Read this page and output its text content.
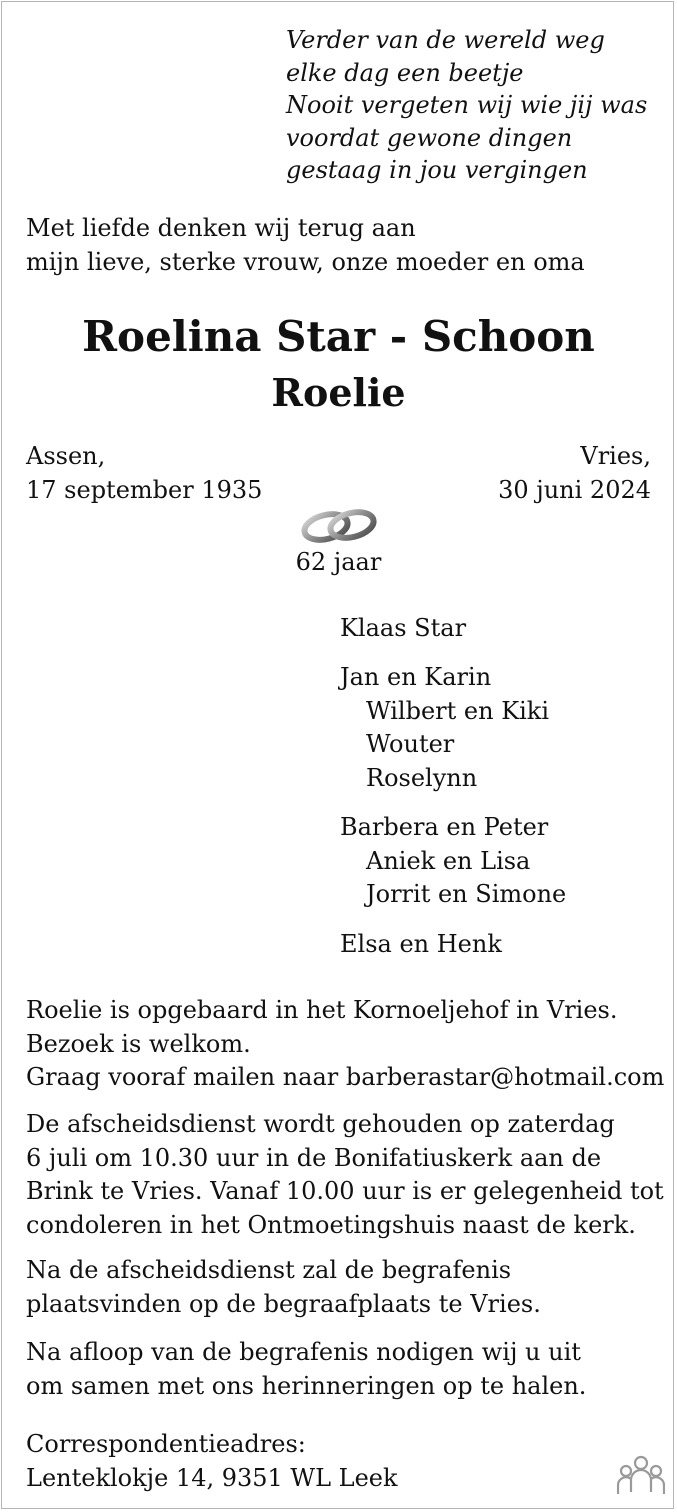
Verder van de wereld weg
elke dag een beetje
Nooit vergeten wij wie jij was
voordat gewone dingen
gestaag in jou vergingen
Met liefde denken wij terug aan
mijn lieve, sterke vrouw, onze moeder en oma
Roelina Star - Schoon
Roelie
Assen,
17 september 1935
Vries,
30 juni 2024
62 jaar
Klaas Star
Jan en Karin
Wilbert en Kiki
Wouter
Roselynn
Barbera en Peter
Aniek en Lisa
Jorrit en Simone
Elsa en Henk
Roelie is opgebaard in het Kornoeljehof in Vries.
Bezoek is welkom.
Graag vooraf mailen naar barberastar@hotmail.com
De afscheidsdienst wordt gehouden op zaterdag
6 juli om 10.30 uur in de Bonifatiuskerk aan de
Brink te Vries. Vanaf 10.00 uur is er gelegenheid tot
condoleren in het Ontmoetingshuis naast de kerk.
Na de afscheidsdienst zal de begrafenis
plaatsvinden op de begraafplaats te Vries.
Na afloop van de begrafenis nodigen wij u uit
om samen met ons herinneringen op te halen.
Correspondentieadres:
Lenteklokje 14, 9351 WL Leek
